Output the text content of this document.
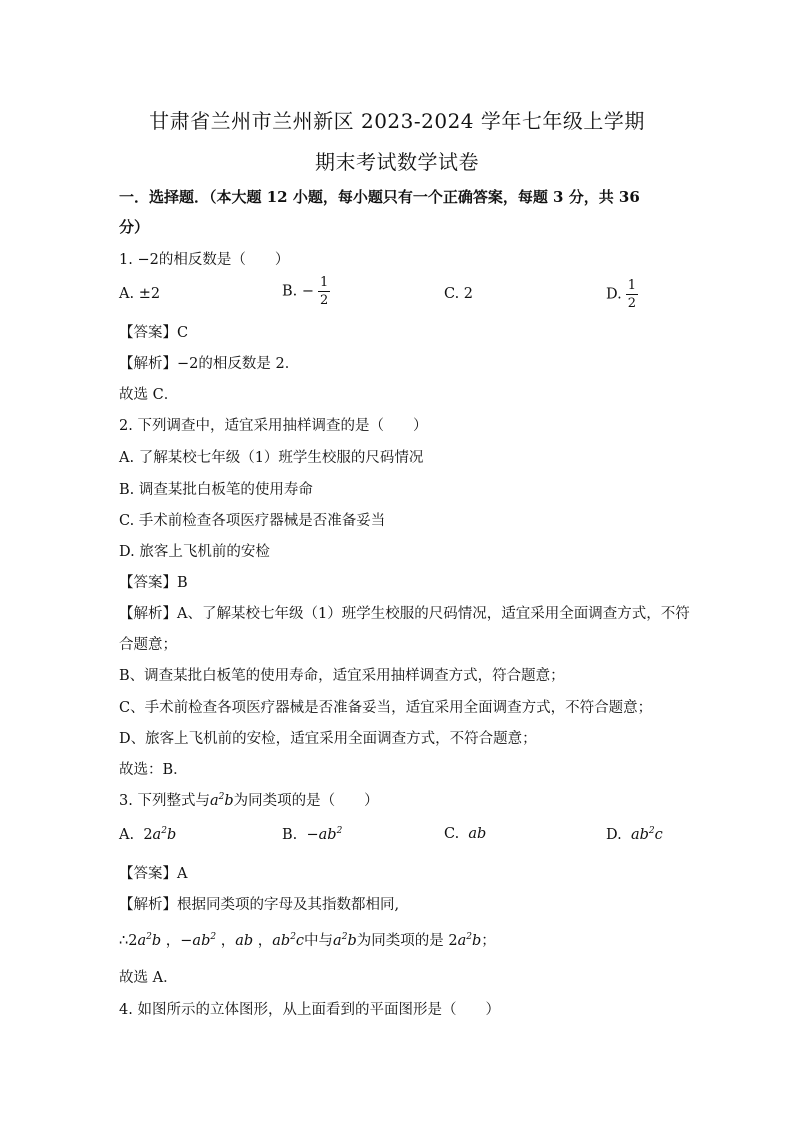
甘肃省兰州市兰州新区 2023-2024 学年七年级上学期
期末考试数学试卷
一．选择题．（本大题 12 小题，每小题只有一个正确答案，每题 3 分，共 36
分）
1. −2的相反数是（　　）
A. ±2	B. − $\frac{1}{2}$	C. 2	D. $\frac{1}{2}$
【答案】C
【解析】−2的相反数是 2．
故选 C．
2. 下列调查中，适宜采用抽样调查的是（　　）
A. 了解某校七年级（1）班学生校服的尺码情况
B. 调查某批白板笔的使用寿命
C. 手术前检查各项医疗器械是否准备妥当
D. 旅客上飞机前的安检
【答案】B
【解析】A、了解某校七年级（1）班学生校服的尺码情况，适宜采用全面调查方式，不符
合题意；
B、调查某批白板笔的使用寿命，适宜采用抽样调查方式，符合题意；
C、手术前检查各项医疗器械是否准备妥当，适宜采用全面调查方式，不符合题意；
D、旅客上飞机前的安检，适宜采用全面调查方式，不符合题意；
故选：B．
3. 下列整式与$a^2b$为同类项的是（　　）
A. $2a^2b$	B. $-ab^2$	C. ab	D. $ab^2c$
【答案】A
【解析】根据同类项的字母及其指数都相同,
$\therefore 2a^2b$ ，$-ab^2$ ，ab ，$ab^2c$中与$a^2b$为同类项的是 $2a^2b$；
故选 A．
4. 如图所示的立体图形，从上面看到的平面图形是（　　）
